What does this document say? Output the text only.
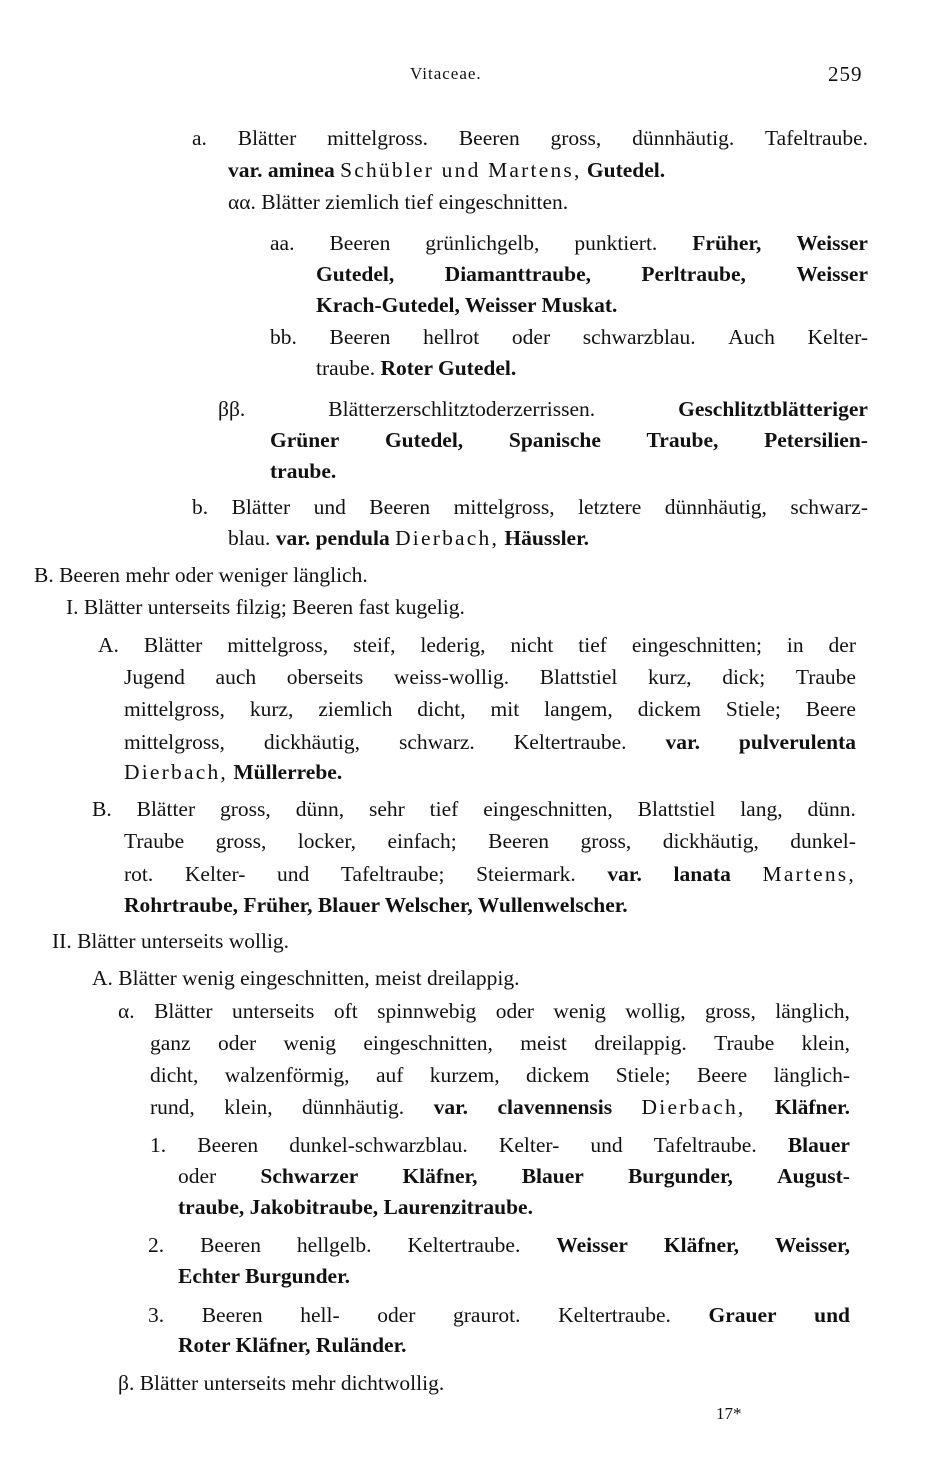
Vitaceae.	259
a. Blätter mittelgross. Beeren gross, dünnhäutig. Tafeltraube.
var. aminea Schübler und Martens, Gutedel.
αα. Blätter ziemlich tief eingeschnitten.
aa. Beeren grünlichgelb, punktiert. Früher, Weisser
Gutedel, Diamanttraube, Perltraube, Weisser
Krach-Gutedel, Weisser Muskat.
bb. Beeren hellrot oder schwarzblau. Auch Kelter-
traube. Roter Gutedel.
ββ.	Blätterzerschlitztoderzerrissen.	Geschlitztblätteriger
Grüner Gutedel, Spanische Traube, Petersilien-
traube.
b. Blätter und Beeren mittelgross, letztere dünnhäutig, schwarz-
blau. var. pendula Dierbach, Häussler.
B. Beeren mehr oder weniger länglich.
I. Blätter unterseits filzig; Beeren fast kugelig.
A. Blätter mittelgross, steif, lederig, nicht tief eingeschnitten; in der
Jugend auch oberseits weiss-wollig. Blattstiel kurz, dick; Traube
mittelgross, kurz, ziemlich dicht, mit langem, dickem Stiele; Beere
mittelgross, dickhäutig, schwarz. Keltertraube. var. pulverulenta
Dierbach, Müllerrebe.
B. Blätter gross, dünn, sehr tief eingeschnitten, Blattstiel lang, dünn.
Traube gross, locker, einfach; Beeren gross, dickhäutig, dunkel-
rot. Kelter- und Tafeltraube; Steiermark. var. lanata Martens,
Rohrtraube, Früher, Blauer Welscher, Wullenwelscher.
II. Blätter unterseits wollig.
A. Blätter wenig eingeschnitten, meist dreilappig.
α. Blätter unterseits oft spinnwebig oder wenig wollig, gross, länglich,
ganz oder wenig eingeschnitten, meist dreilappig. Traube klein,
dicht, walzenförmig, auf kurzem, dickem Stiele; Beere länglich-
rund, klein, dünnhäutig. var. clavennensis Dierbach, Kläfner.
1. Beeren dunkel-schwarzblau. Kelter- und Tafeltraube. Blauer
oder Schwarzer Kläfner, Blauer Burgunder, August-
traube, Jakobitraube, Laurenzitraube.
2. Beeren hellgelb. Keltertraube. Weisser Kläfner, Weisser,
Echter Burgunder.
3. Beeren hell- oder graurot. Keltertraube. Grauer und
Roter Kläfner, Ruländer.
β. Blätter unterseits mehr dichtwollig.
17*
